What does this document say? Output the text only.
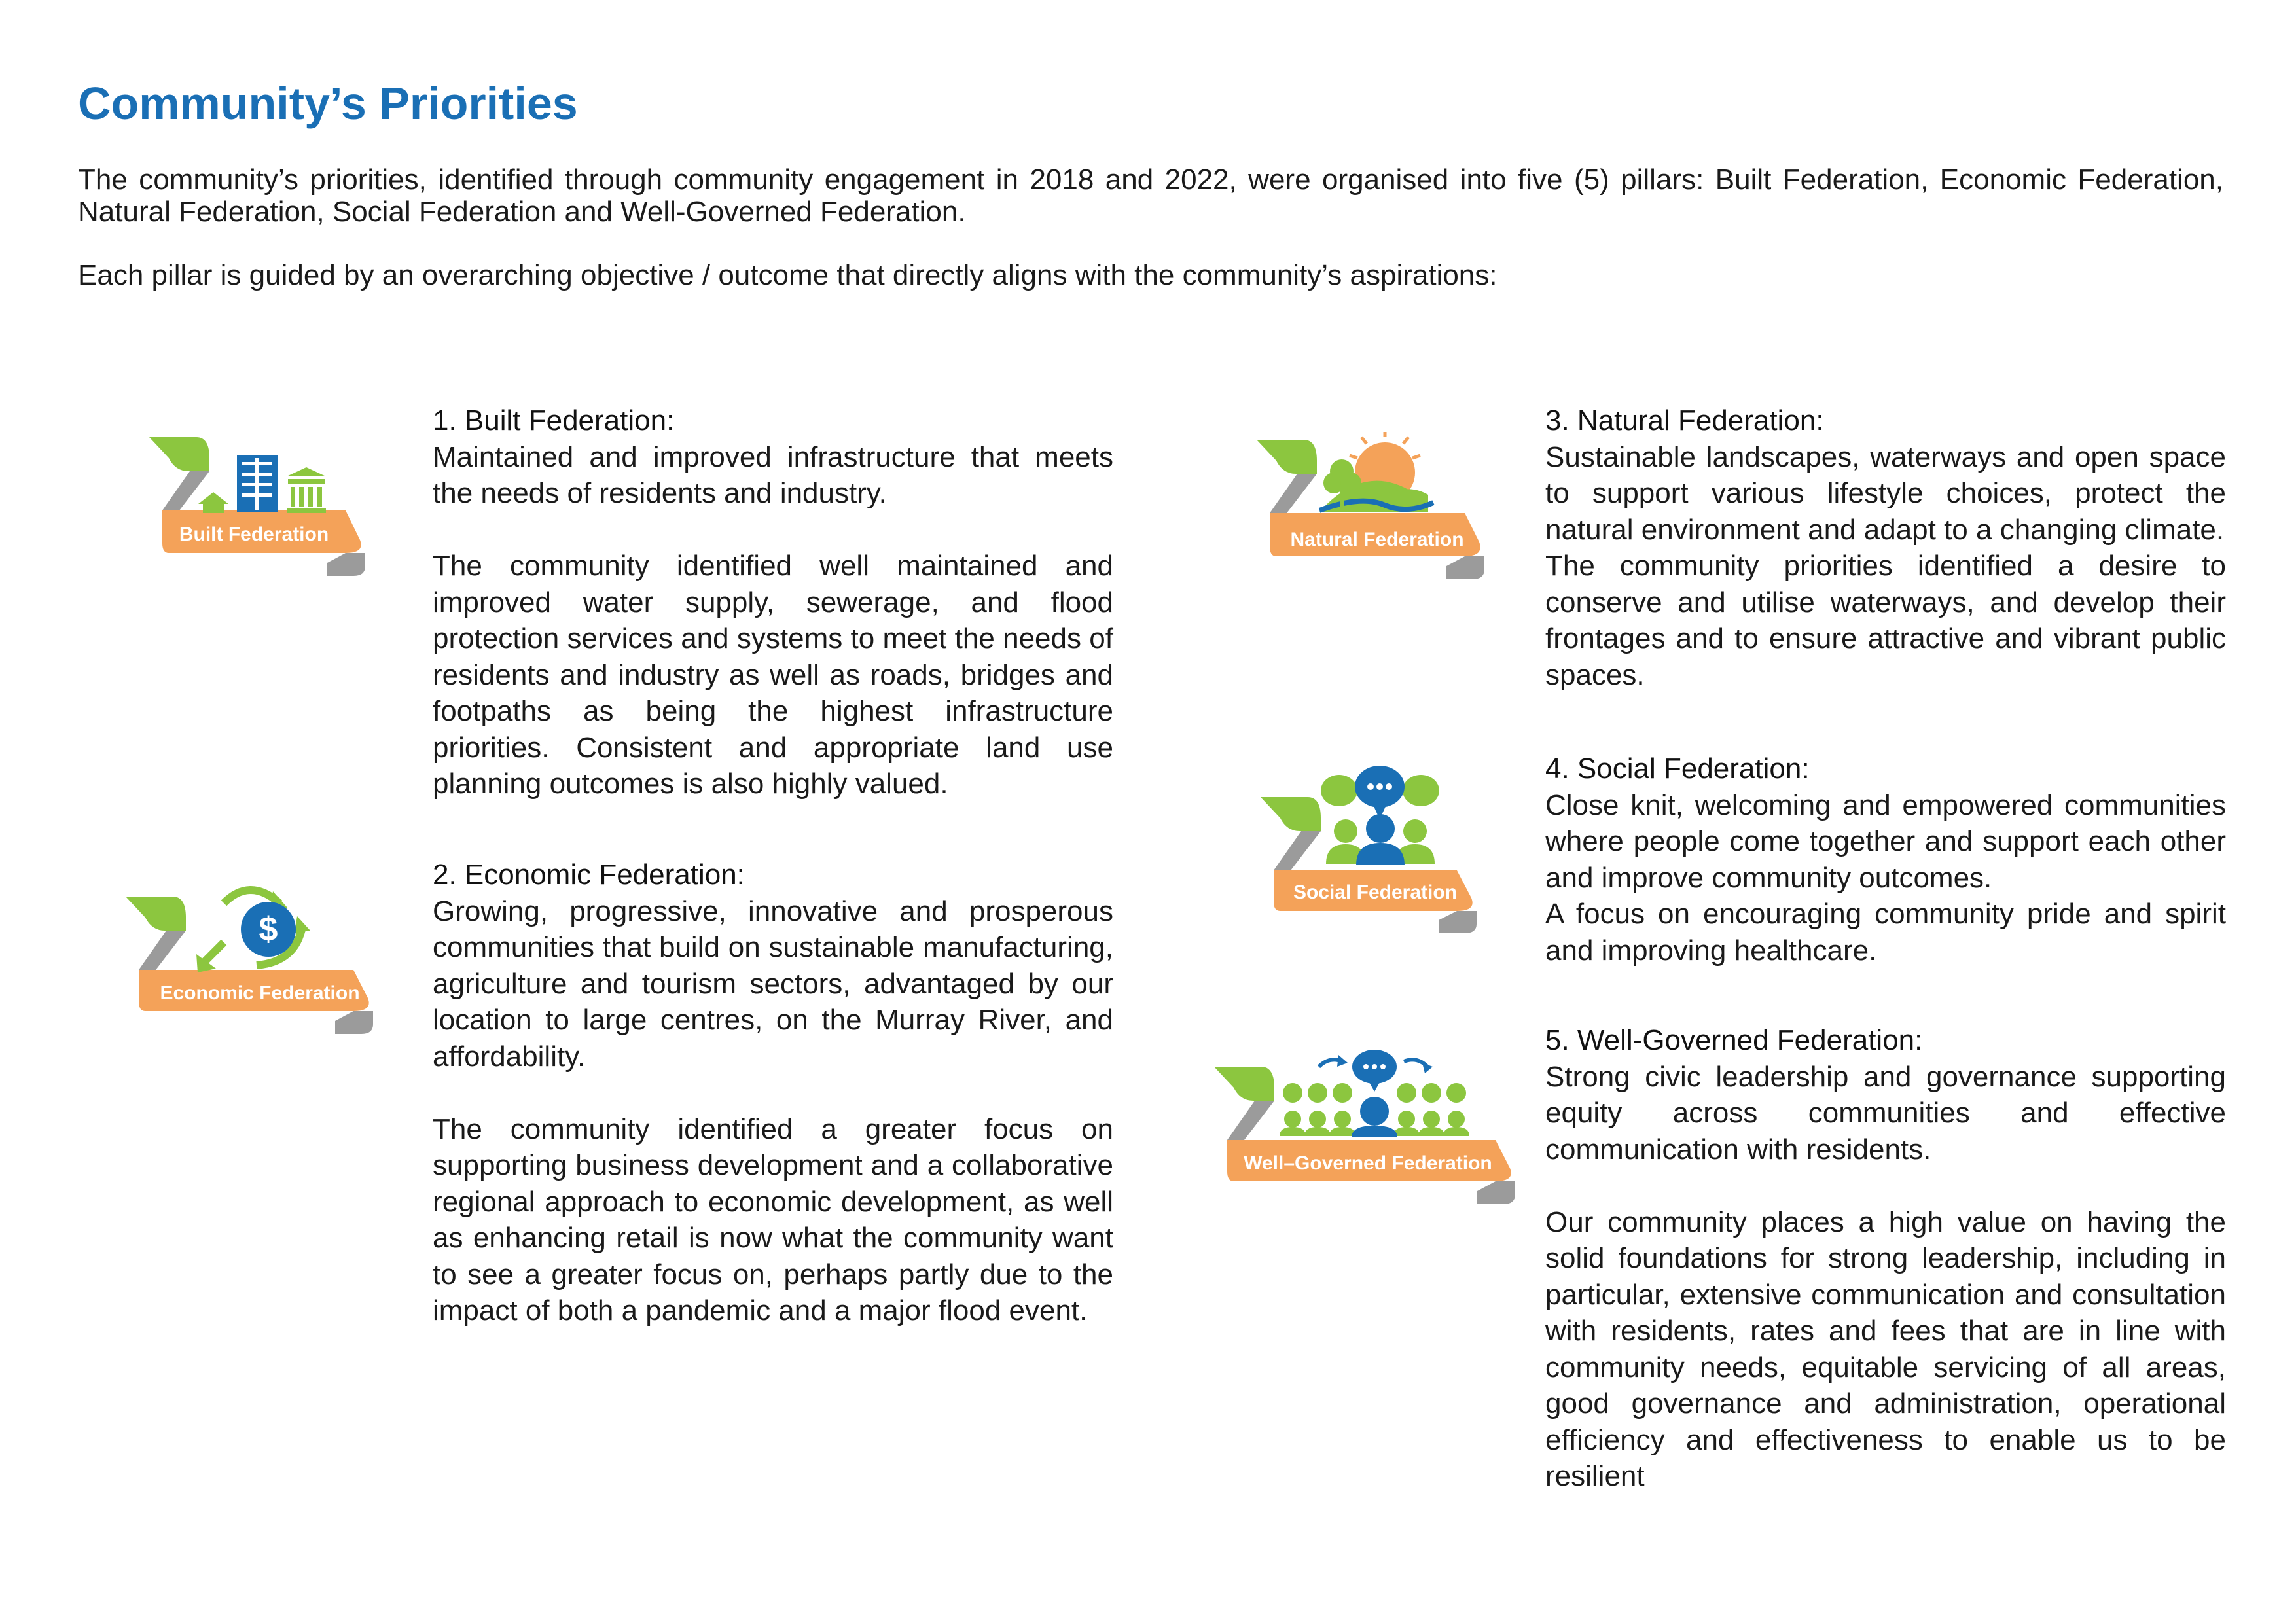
Community’s Priorities

The community’s priorities, identified through community engagement in 2018 and 2022, were organised into five (5) pillars: Built Federation, Economic Federation, Natural Federation, Social Federation and Well-Governed Federation.

Each pillar is guided by an overarching objective / outcome that directly aligns with the community’s aspirations:

Built Federation
1. Built Federation:

Maintained and improved infrastructure that meets the needs of residents and industry.

The community identified well maintained and improved water supply, sewerage, and flood protection services and systems to meet the needs of residents and industry as well as roads, bridges and footpaths as being the highest infrastructure priorities. Consistent and appropriate land use planning outcomes is also highly valued.

$
Economic Federation
2. Economic Federation:

Growing, progressive, innovative and prosperous communities that build on sustainable manufacturing, agriculture and tourism sectors, advantaged by our location to large centres, on the Murray River, and affordability.

The community identified a greater focus on supporting business development and a collaborative regional approach to economic development, as well as enhancing retail is now what the community want to see a greater focus on, perhaps partly due to the impact of both a pandemic and a major flood event.

Natural Federation
3. Natural Federation:

Sustainable landscapes, waterways and open space to support various lifestyle choices, protect the natural environment and adapt to a changing climate.

The community priorities identified a desire to conserve and utilise waterways, and develop their frontages and to ensure attractive and vibrant public spaces.

Social Federation
4. Social Federation:

Close knit, welcoming and empowered communities where people come together and support each other and improve community outcomes.

A focus on encouraging community pride and spirit and improving healthcare.

Well–Governed Federation
5. Well-Governed Federation:

Strong civic leadership and governance supporting equity across communities and effective communication with residents.

Our community places a high value on having the solid foundations for strong leadership, including in particular, extensive communication and consultation with residents, rates and fees that are in line with community needs, equitable servicing of all areas, good governance and administration, operational efficiency and effectiveness to enable us to be resilient
